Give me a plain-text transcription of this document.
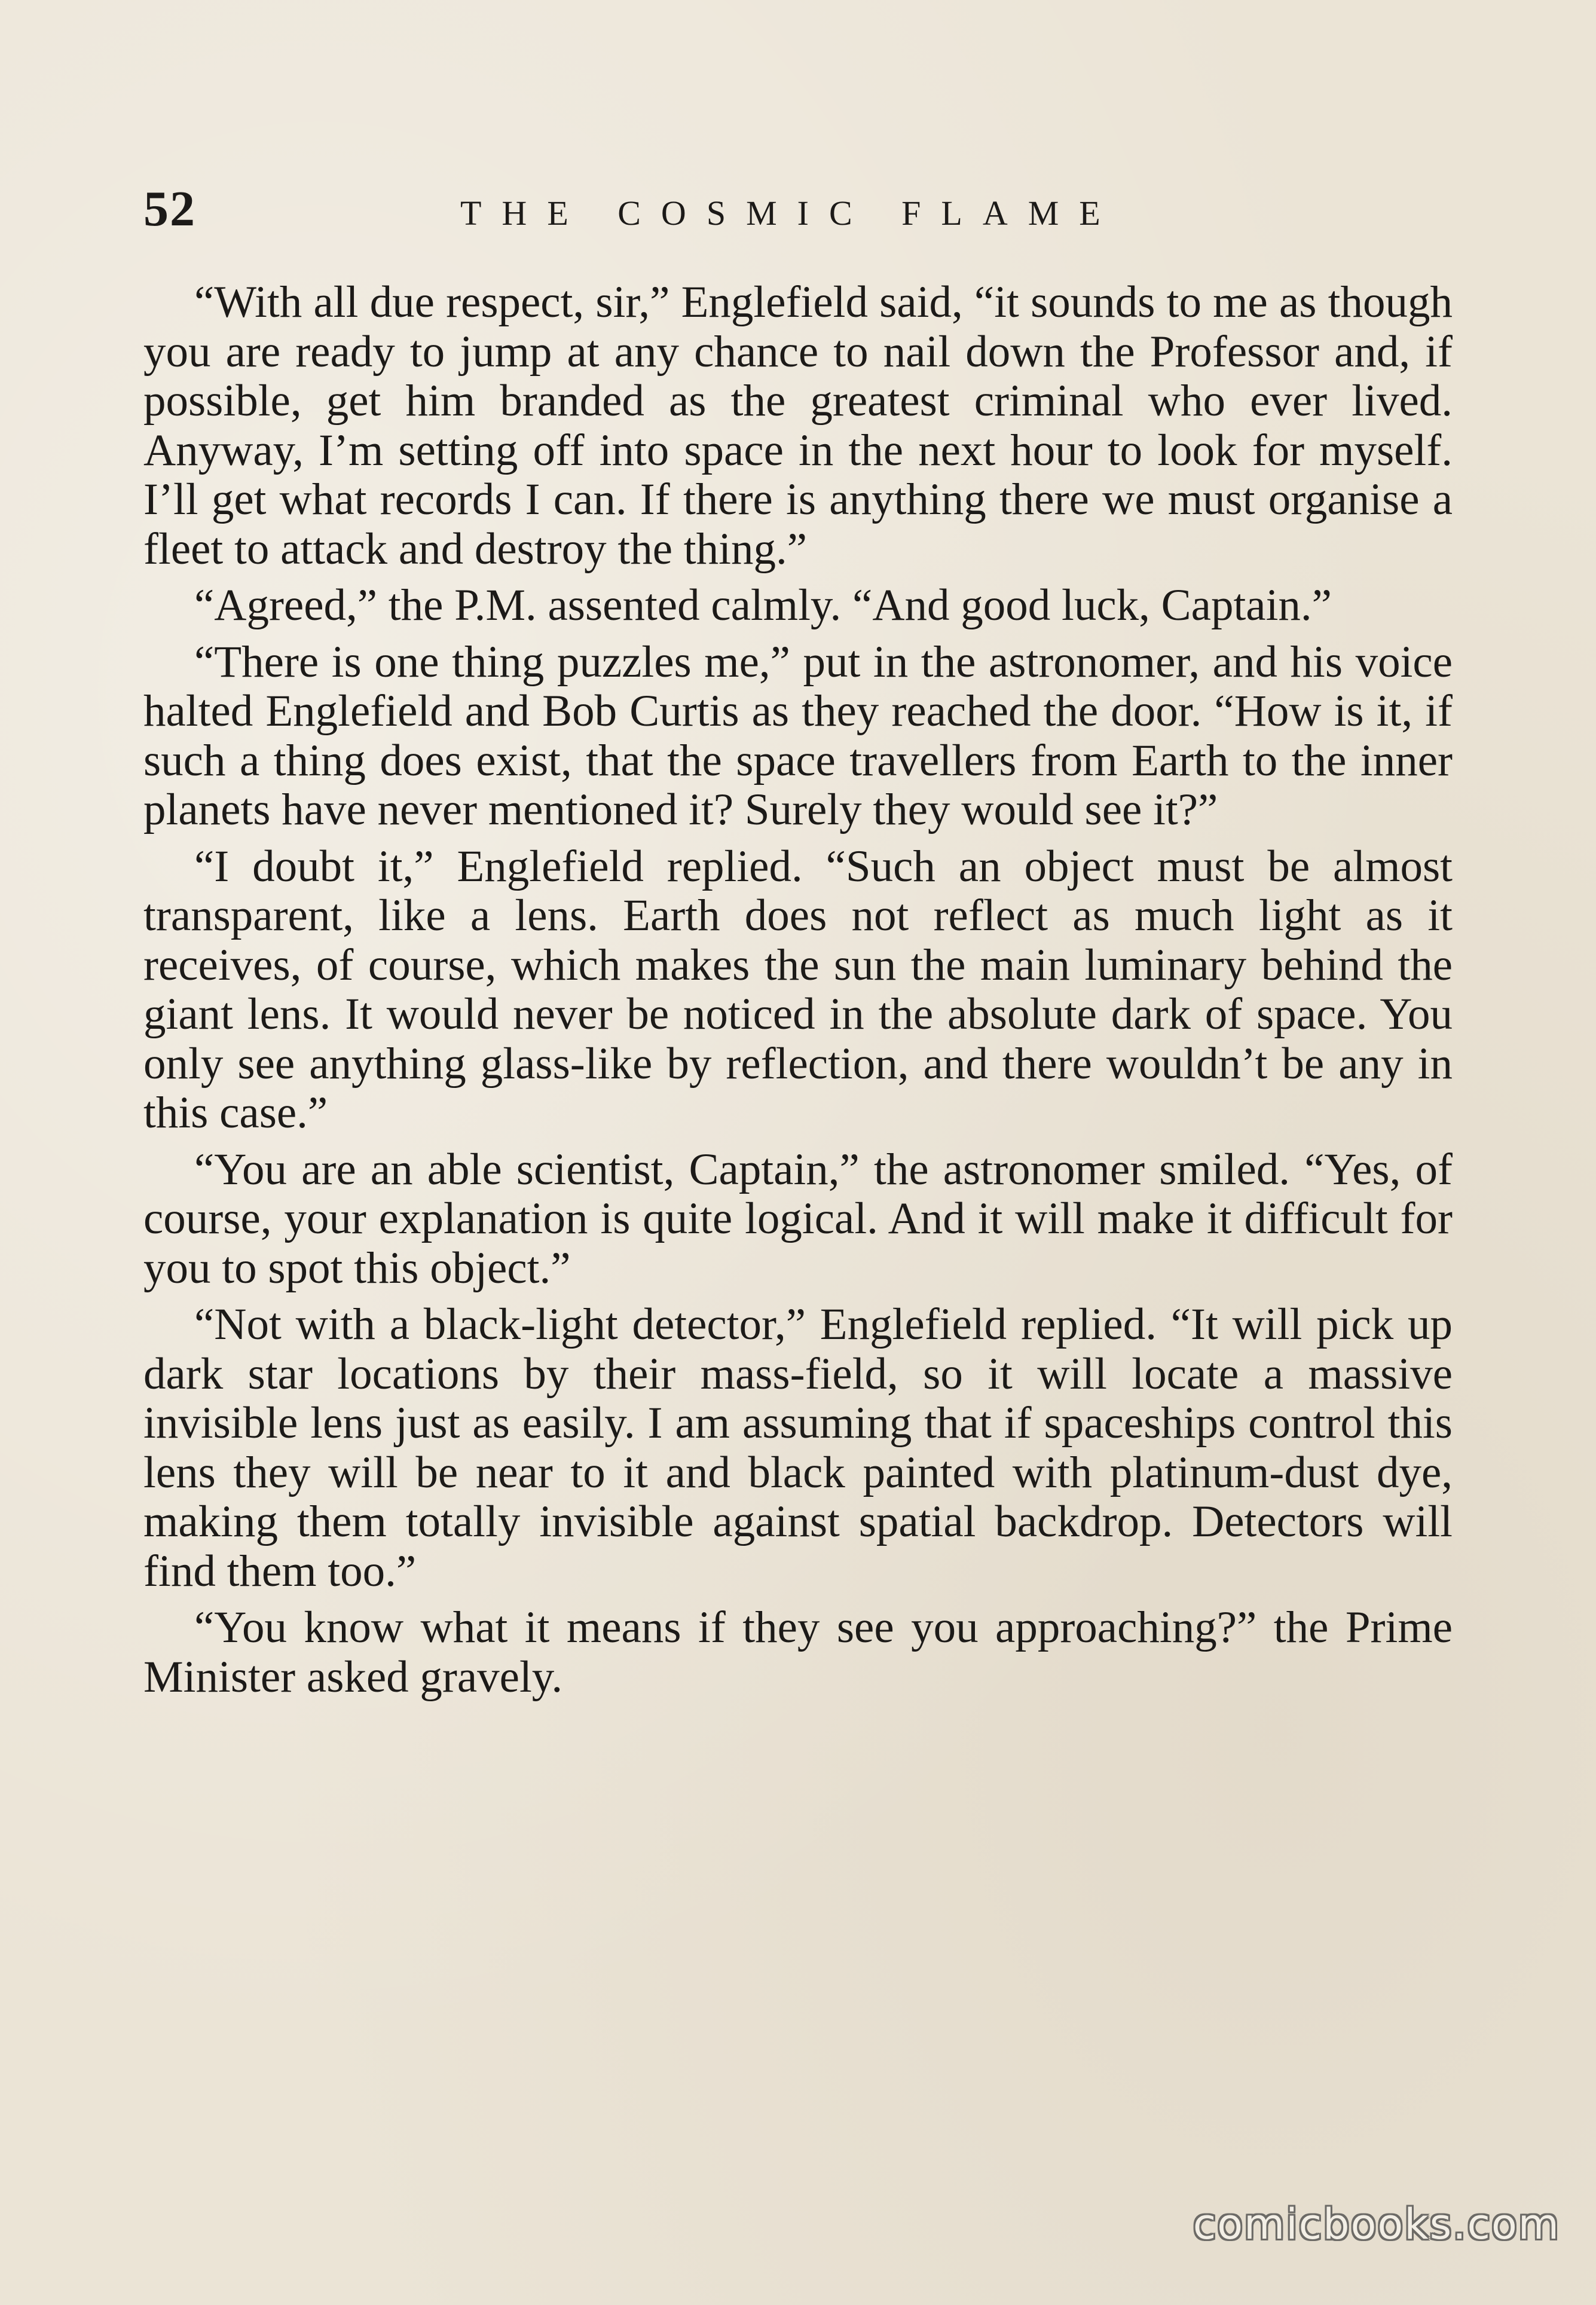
52	THE COSMIC FLAME

“With all due respect, sir,” Englefield said, “it sounds to me as though you are ready to jump at any chance to nail down the Professor and, if possible, get him branded as the greatest criminal who ever lived. Anyway, I’m setting off into space in the next hour to look for myself. I’ll get what records I can. If there is anything there we must organise a fleet to attack and destroy the thing.”

“Agreed,” the P.M. assented calmly. “And good luck, Captain.”

“There is one thing puzzles me,” put in the astronomer, and his voice halted Englefield and Bob Curtis as they reached the door. “How is it, if such a thing does exist, that the space travellers from Earth to the inner planets have never mentioned it? Surely they would see it?”

“I doubt it,” Englefield replied. “Such an object must be almost transparent, like a lens. Earth does not reflect as much light as it receives, of course, which makes the sun the main luminary behind the giant lens. It would never be noticed in the absolute dark of space. You only see anything glass-like by reflection, and there wouldn’t be any in this case.”

“You are an able scientist, Captain,” the astronomer smiled. “Yes, of course, your explanation is quite logical. And it will make it difficult for you to spot this object.”

“Not with a black-light detector,” Englefield replied. “It will pick up dark star locations by their mass-field, so it will locate a massive invisible lens just as easily. I am assuming that if spaceships control this lens they will be near to it and black painted with platinum-dust dye, making them totally invisible against spatial backdrop. Detectors will find them too.”

“You know what it means if they see you approaching?” the Prime Minister asked gravely.

comicbooks.com
